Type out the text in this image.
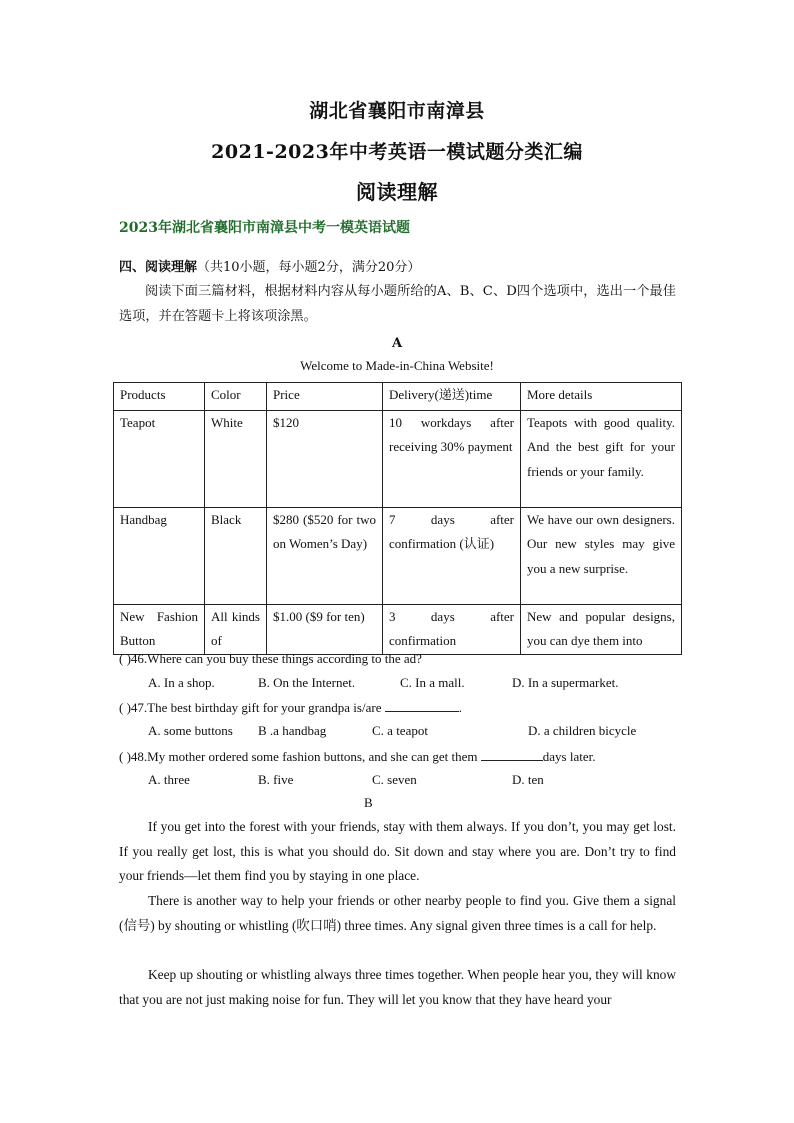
湖北省襄阳市南漳县
2021-2023年中考英语一模试题分类汇编
阅读理解
2023年湖北省襄阳市南漳县中考一模英语试题
四、阅读理解（共10小题，每小题2分，满分20分）
阅读下面三篇材料，根据材料内容从每小题所给的A、B、C、D四个选项中，选出一个最佳选项，并在答题卡上将该项涂黑。
A
Welcome to Made-in-China Website!
Products	Color	Price	Delivery(递送)time	More details
Teapot	White	$120	10 workdays after receiving 30% payment	Teapots with good quality. And the best gift for your friends or your family.
Handbag	Black	$280 ($520 for two on Women’s Day)	7 days after confirmation (认证)	We have our own designers. Our new styles may give you a new surprise.
New Fashion Button	All kinds of	$1.00 ($9 for ten)	3 days after confirmation	New and popular designs, you can dye them into
( )46.Where can you buy these things according to the ad?
A. In a shop.	B. On the Internet.	C. In a mall.	D. In a supermarket.
( )47.The best birthday gift for your grandpa is/are	.
A. some buttons B .a handbag	C. a teapot	D. a children bicycle
( )48.My mother ordered some fashion buttons, and she can get them	days later.
A. three	B. five	C. seven	D. ten
B
If you get into the forest with your friends, stay with them always. If you don’t, you may get lost. If you really get lost, this is what you should do. Sit down and stay where you are. Don’t try to find your friends—let them find you by staying in one place.
There is another way to help your friends or other nearby people to find you. Give them a signal (信号) by shouting or whistling (吹口哨) three times. Any signal given three times is a call for help.
Keep up shouting or whistling always three times together. When people hear you, they will know that you are not just making noise for fun. They will let you know that they have heard your
